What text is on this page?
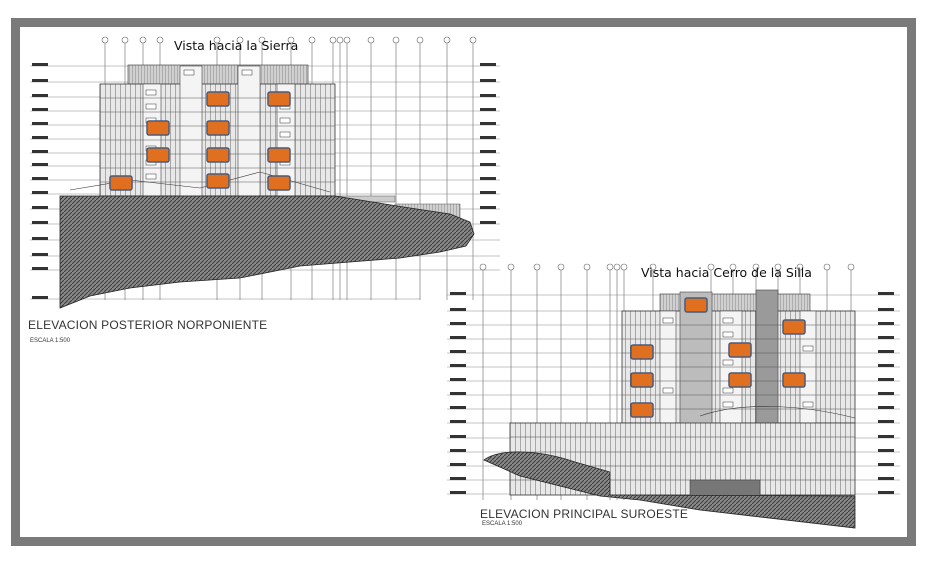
Vista hacia la Sierra
Vista hacia Cerro de la Silla
ELEVACION POSTERIOR NORPONIENTE
ESCALA 1:500
ELEVACION PRINCIPAL SUROESTE
ESCALA 1:500
